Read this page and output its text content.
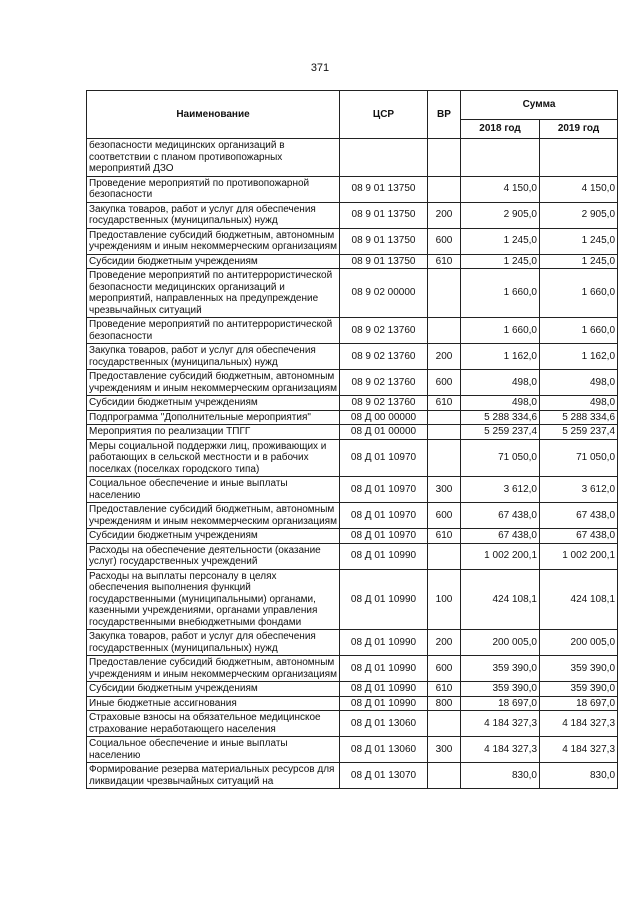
371
Наименование	ЦСР	ВР	Сумма	
			2018 год	2019 год
безопасности медицинских организаций в соответствии с планом противопожарных мероприятий ДЗО				
Проведение мероприятий по противопожарной безопасности	08 9 01 13750		4 150,0	4 150,0
Закупка товаров, работ и услуг для обеспечения государственных (муниципальных) нужд	08 9 01 13750	200	2 905,0	2 905,0
Предоставление субсидий бюджетным, автономным учреждениям и иным некоммерческим организациям	08 9 01 13750	600	1 245,0	1 245,0
Субсидии бюджетным учреждениям	08 9 01 13750	610	1 245,0	1 245,0
Проведение мероприятий по антитеррористической безопасности медицинских организаций и мероприятий, направленных на предупреждение чрезвычайных ситуаций	08 9 02 00000		1 660,0	1 660,0
Проведение мероприятий по антитеррористической безопасности	08 9 02 13760		1 660,0	1 660,0
Закупка товаров, работ и услуг для обеспечения государственных (муниципальных) нужд	08 9 02 13760	200	1 162,0	1 162,0
Предоставление субсидий бюджетным, автономным учреждениям и иным некоммерческим организациям	08 9 02 13760	600	498,0	498,0
Субсидии бюджетным учреждениям	08 9 02 13760	610	498,0	498,0
Подпрограмма "Дополнительные мероприятия"	08 Д 00 00000		5 288 334,6	5 288 334,6
Мероприятия по реализации ТПГГ	08 Д 01 00000		5 259 237,4	5 259 237,4
Меры социальной поддержки лиц, проживающих и работающих в сельской местности и в рабочих поселках (поселках городского типа)	08 Д 01 10970		71 050,0	71 050,0
Социальное обеспечение и иные выплаты населению	08 Д 01 10970	300	3 612,0	3 612,0
Предоставление субсидий бюджетным, автономным учреждениям и иным некоммерческим организациям	08 Д 01 10970	600	67 438,0	67 438,0
Субсидии бюджетным учреждениям	08 Д 01 10970	610	67 438,0	67 438,0
Расходы на обеспечение деятельности (оказание услуг) государственных учреждений	08 Д 01 10990		1 002 200,1	1 002 200,1
Расходы на выплаты персоналу в целях обеспечения выполнения функций государственными (муниципальными) органами, казенными учреждениями, органами управления государственными внебюджетными фондами	08 Д 01 10990	100	424 108,1	424 108,1
Закупка товаров, работ и услуг для обеспечения государственных (муниципальных) нужд	08 Д 01 10990	200	200 005,0	200 005,0
Предоставление субсидий бюджетным, автономным учреждениям и иным некоммерческим организациям	08 Д 01 10990	600	359 390,0	359 390,0
Субсидии бюджетным учреждениям	08 Д 01 10990	610	359 390,0	359 390,0
Иные бюджетные ассигнования	08 Д 01 10990	800	18 697,0	18 697,0
Страховые взносы на обязательное медицинское страхование неработающего населения	08 Д 01 13060		4 184 327,3	4 184 327,3
Социальное обеспечение и иные выплаты населению	08 Д 01 13060	300	4 184 327,3	4 184 327,3
Формирование резерва материальных ресурсов для ликвидации чрезвычайных ситуаций на	08 Д 01 13070		830,0	830,0
